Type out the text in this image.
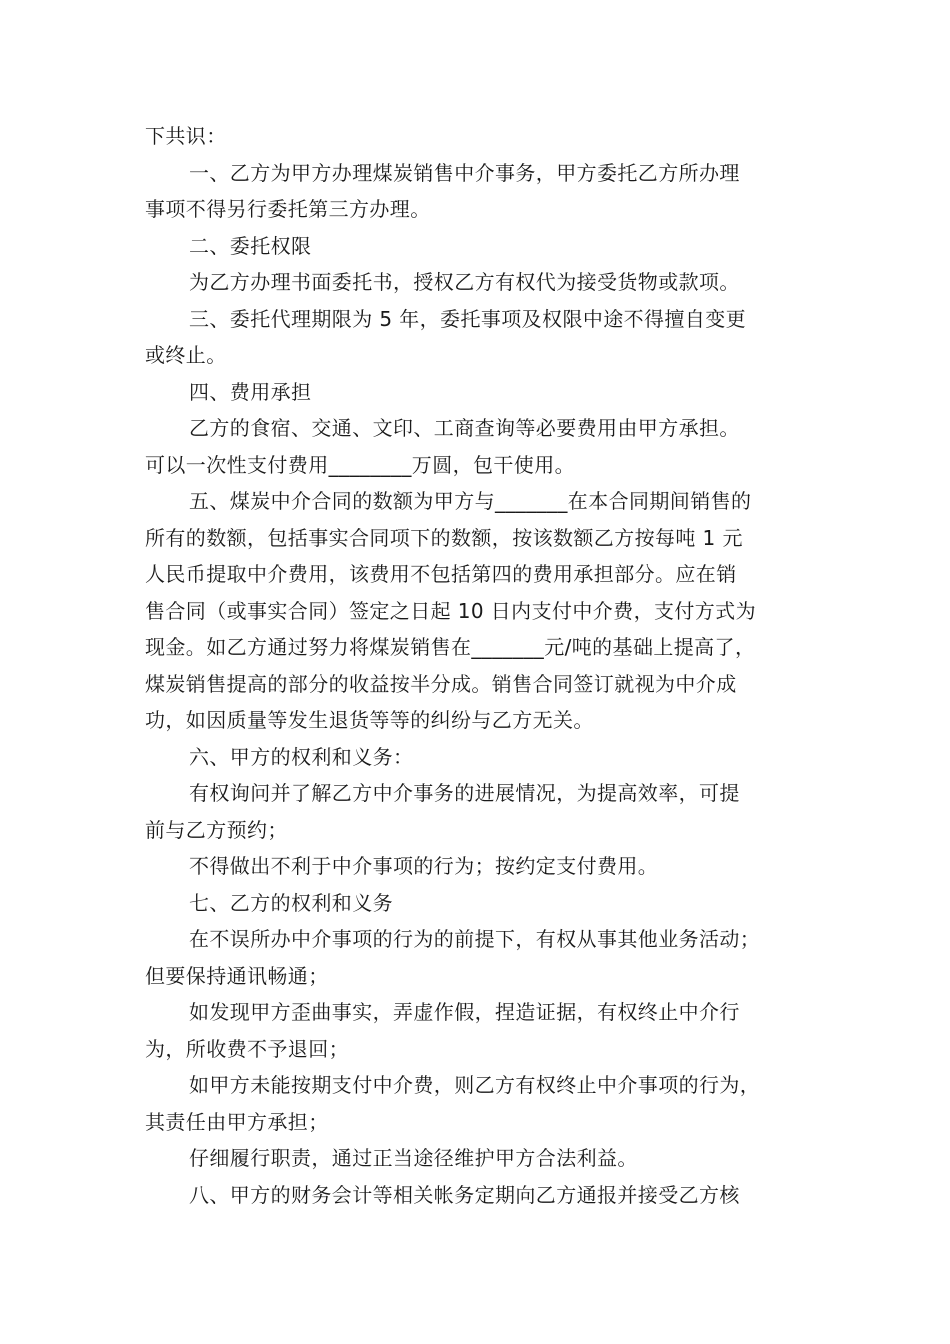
下共识：
一、乙方为甲方办理煤炭销售中介事务，甲方委托乙方所办理
事项不得另行委托第三方办理。
二、委托权限
为乙方办理书面委托书，授权乙方有权代为接受货物或款项。
三、委托代理期限为 5 年，委托事项及权限中途不得擅自变更
或终止。
四、费用承担
乙方的食宿、交通、文印、工商查询等必要费用由甲方承担。
可以一次性支付费用________万圆，包干使用。
五、煤炭中介合同的数额为甲方与_______在本合同期间销售的
所有的数额，包括事实合同项下的数额，按该数额乙方按每吨 1 元
人民币提取中介费用，该费用不包括第四的费用承担部分。应在销
售合同（或事实合同）签定之日起 10 日内支付中介费，支付方式为
现金。如乙方通过努力将煤炭销售在_______元/吨的基础上提高了，
煤炭销售提高的部分的收益按半分成。销售合同签订就视为中介成
功，如因质量等发生退货等等的纠纷与乙方无关。
六、甲方的权利和义务：
有权询问并了解乙方中介事务的进展情况，为提高效率，可提
前与乙方预约；
不得做出不利于中介事项的行为；按约定支付费用。
七、乙方的权利和义务
在不误所办中介事项的行为的前提下，有权从事其他业务活动；
但要保持通讯畅通；
如发现甲方歪曲事实，弄虚作假，捏造证据，有权终止中介行
为，所收费不予退回；
如甲方未能按期支付中介费，则乙方有权终止中介事项的行为，
其责任由甲方承担；
仔细履行职责，通过正当途径维护甲方合法利益。
八、甲方的财务会计等相关帐务定期向乙方通报并接受乙方核
